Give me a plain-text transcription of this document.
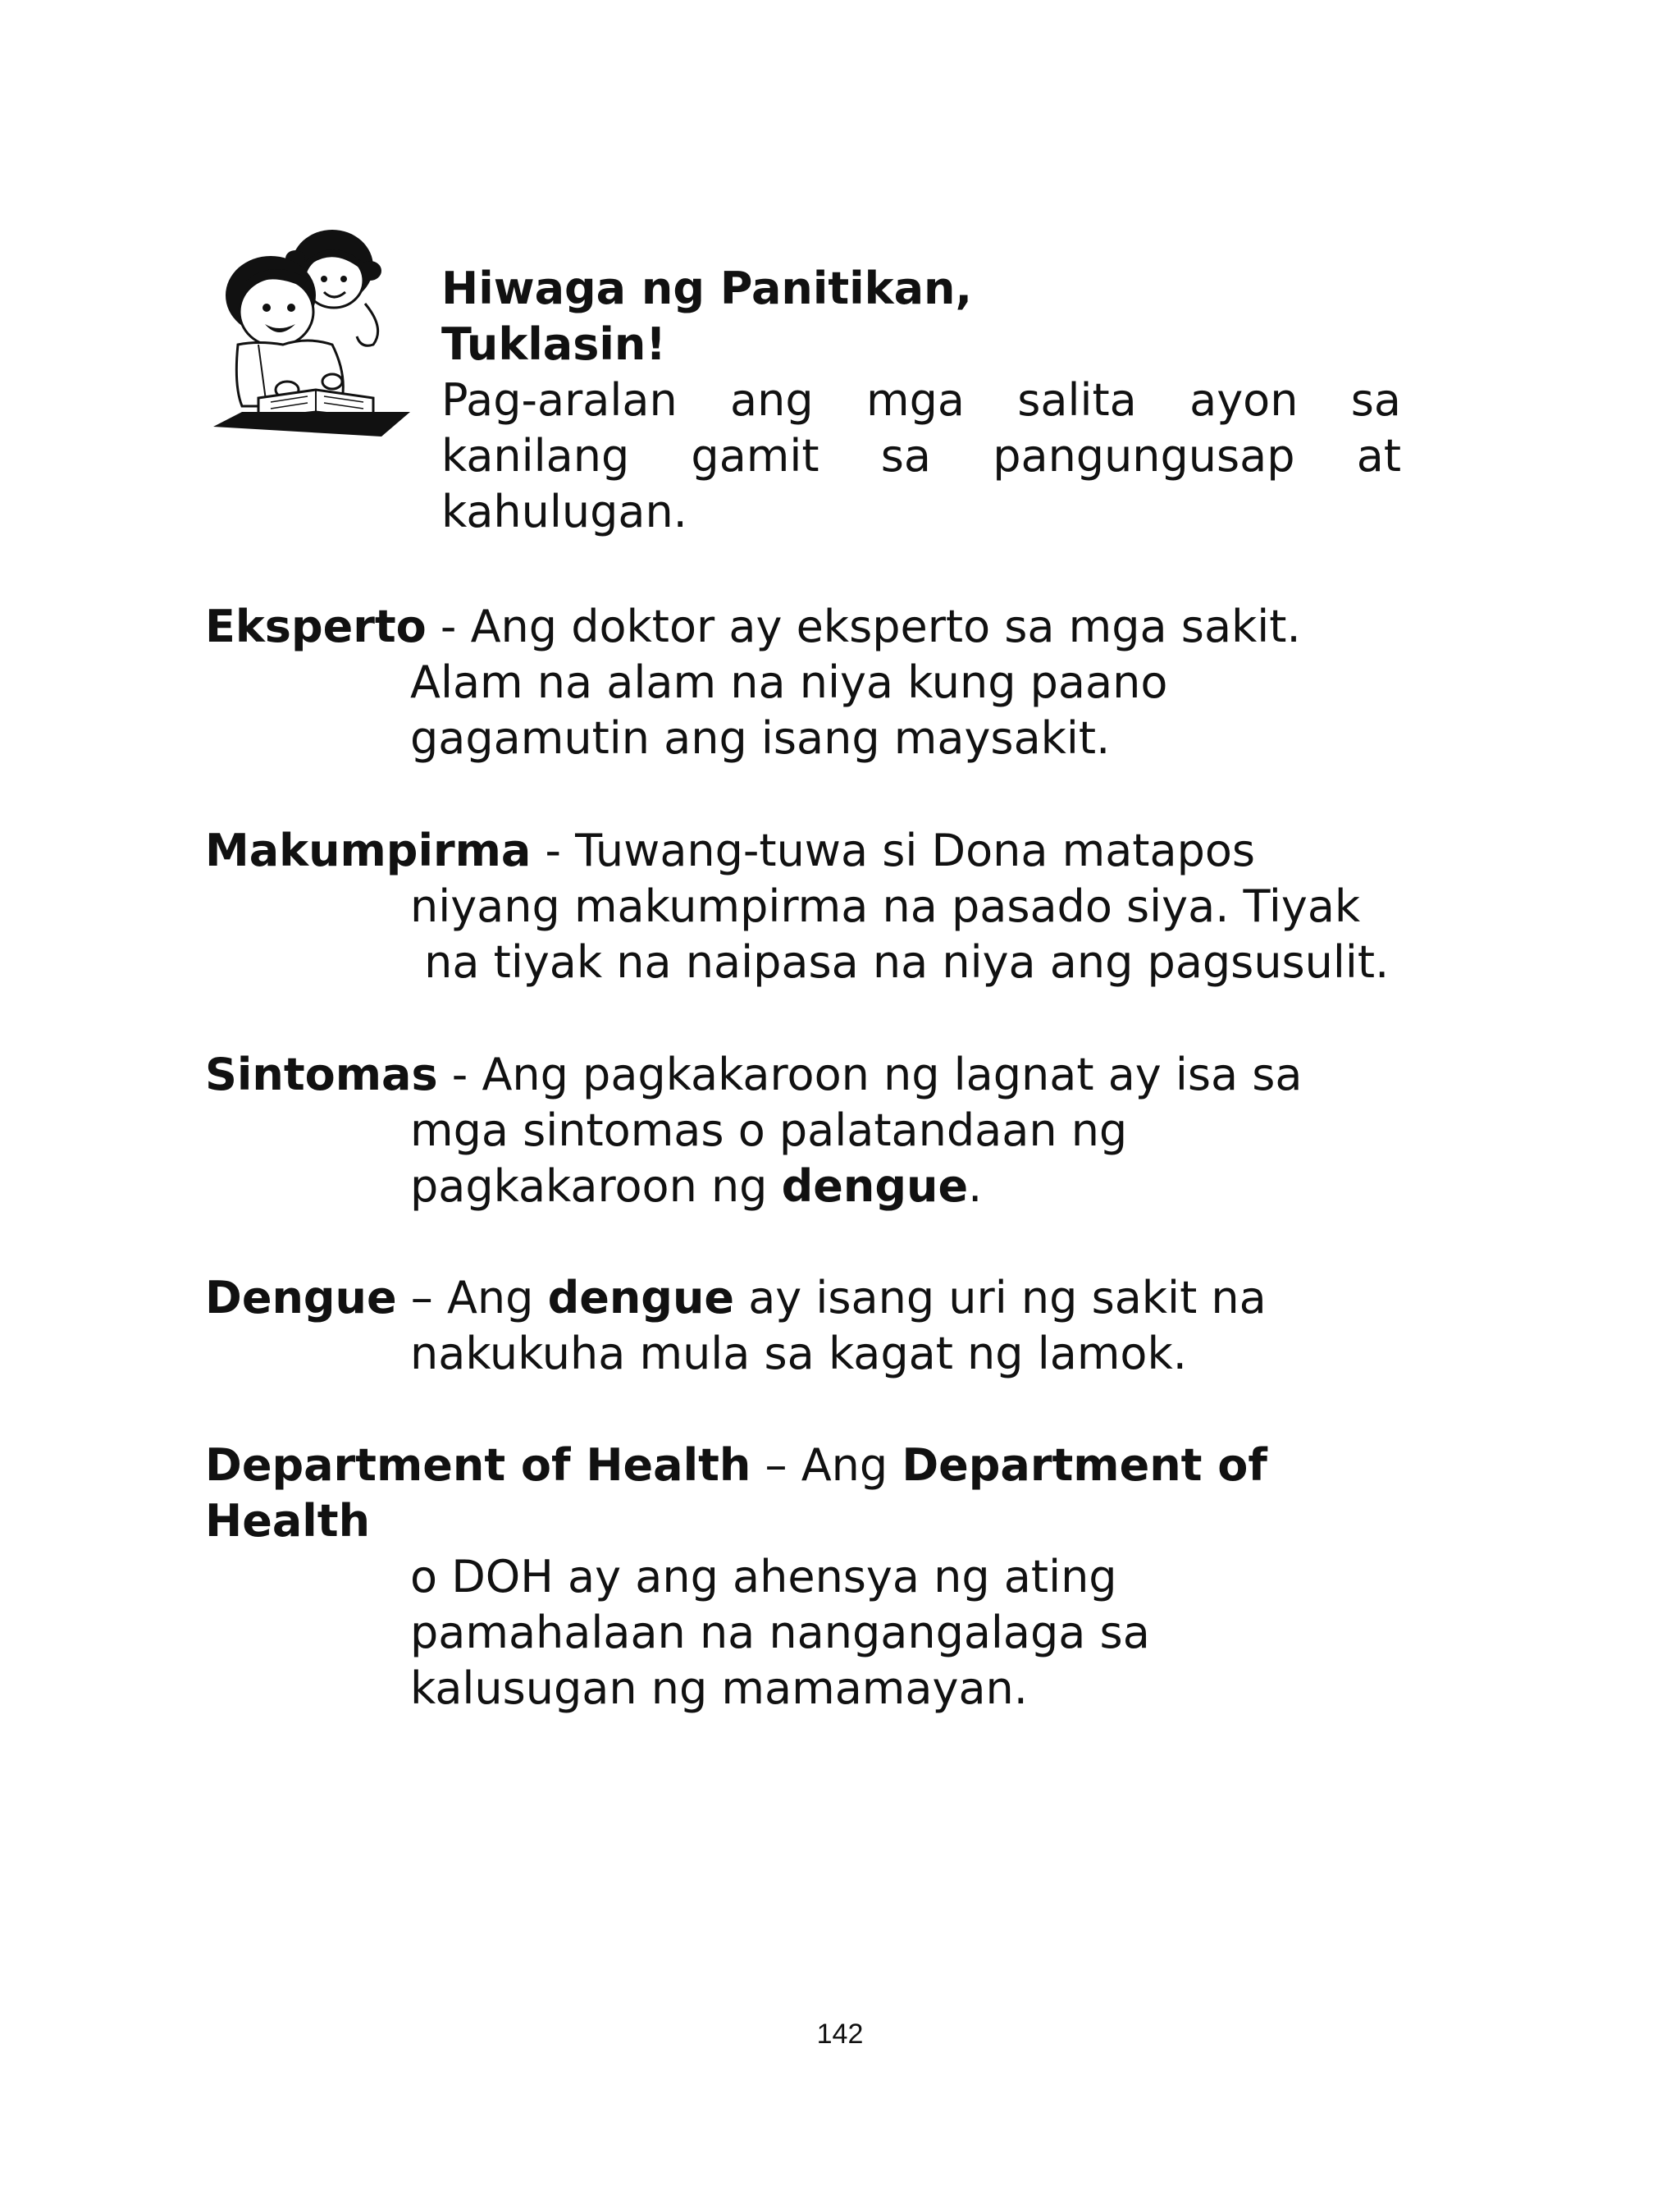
Hiwaga ng Panitikan,
Tuklasin!
Pag-aralan ang mga salita ayon sa kanilang gamit sa pangungusap at kahulugan.
Eksperto - Ang doktor ay eksperto sa mga sakit.
Alam na alam na niya kung paano
gagamutin ang isang maysakit.
Makumpirma - Tuwang-tuwa si Dona matapos
niyang makumpirma na pasado siya. Tiyak
na tiyak na naipasa na niya ang pagsusulit.
Sintomas - Ang pagkakaroon ng lagnat ay isa sa
mga sintomas o palatandaan ng
pagkakaroon ng dengue.
Dengue – Ang dengue ay isang uri ng sakit na
nakukuha mula sa kagat ng lamok.
Department of Health – Ang Department of Health
o DOH ay ang ahensya ng ating
pamahalaan na nangangalaga sa
kalusugan ng mamamayan.
142
